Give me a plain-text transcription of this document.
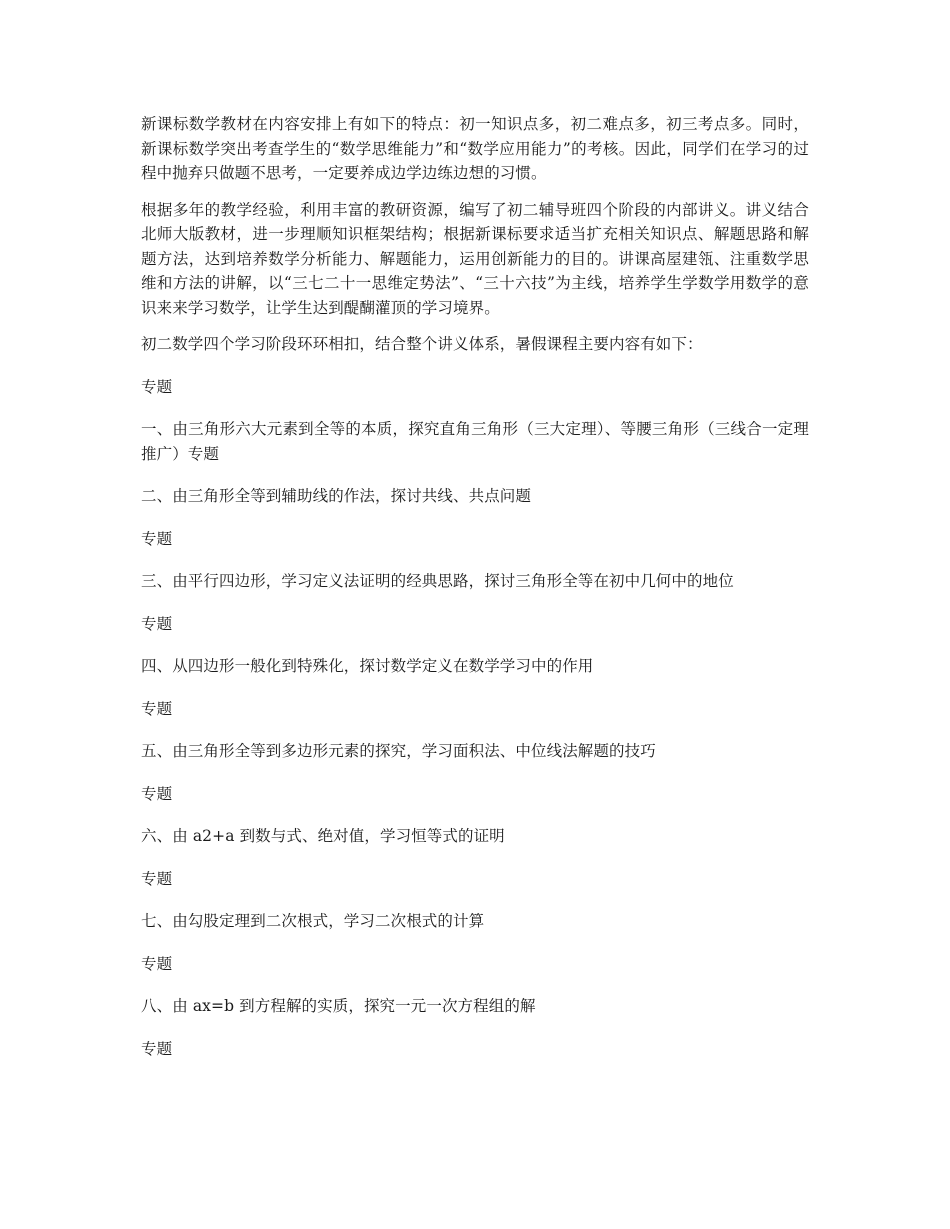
新课标数学教材在内容安排上有如下的特点：初一知识点多，初二难点多，初三考点多。同时，新课标数学突出考查学生的“数学思维能力”和“数学应用能力”的考核。因此，同学们在学习的过程中抛弃只做题不思考，一定要养成边学边练边想的习惯。

根据多年的教学经验，利用丰富的教研资源，编写了初二辅导班四个阶段的内部讲义。讲义结合北师大版教材，进一步理顺知识框架结构；根据新课标要求适当扩充相关知识点、解题思路和解题方法，达到培养数学分析能力、解题能力，运用创新能力的目的。讲课高屋建瓴、注重数学思维和方法的讲解，以“三七二十一思维定势法”、“三十六技”为主线，培养学生学数学用数学的意识来来学习数学，让学生达到醍醐灌顶的学习境界。

初二数学四个学习阶段环环相扣，结合整个讲义体系，暑假课程主要内容有如下：

专题

一、由三角形六大元素到全等的本质，探究直角三角形（三大定理）、等腰三角形（三线合一定理推广）专题

二、由三角形全等到辅助线的作法，探讨共线、共点问题

专题

三、由平行四边形，学习定义法证明的经典思路，探讨三角形全等在初中几何中的地位

专题

四、从四边形一般化到特殊化，探讨数学定义在数学学习中的作用

专题

五、由三角形全等到多边形元素的探究，学习面积法、中位线法解题的技巧

专题

六、由 a2+a 到数与式、绝对值，学习恒等式的证明

专题

七、由勾股定理到二次根式，学习二次根式的计算

专题

八、由 ax=b 到方程解的实质，探究一元一次方程组的解

专题
